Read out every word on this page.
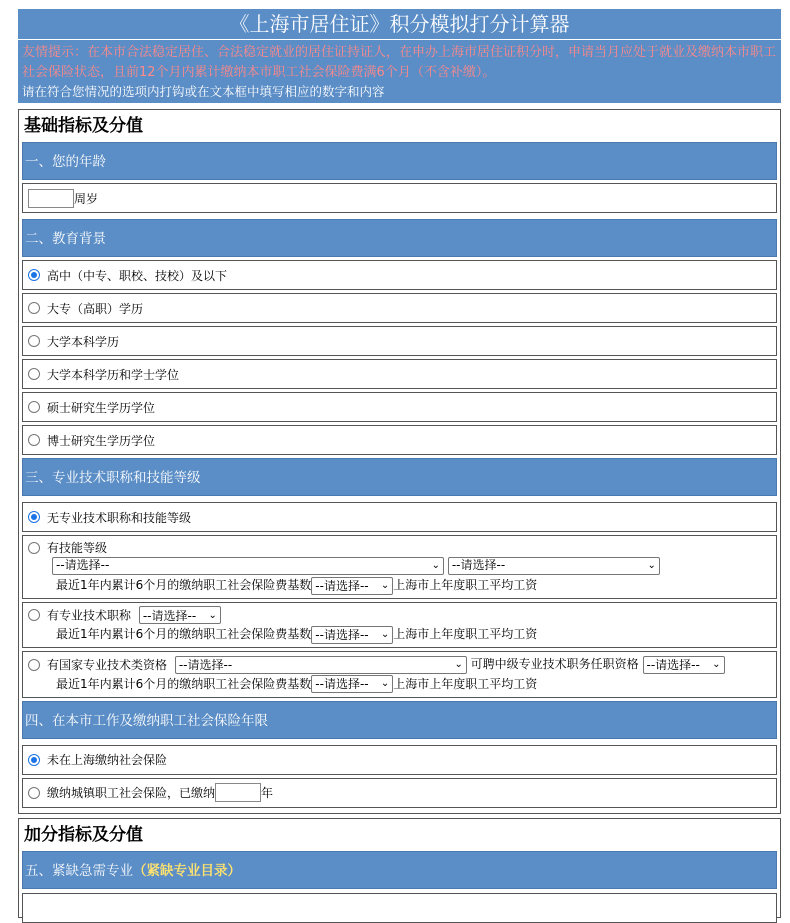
《上海市居住证》积分模拟打分计算器
友情提示：在本市合法稳定居住、合法稳定就业的居住证持证人，在申办上海市居住证积分时，申请当月应处于就业及缴纳本市职工社会保险状态，且前12个月内累计缴纳本市职工社会保险费满6个月（不含补缴）。
请在符合您情况的选项内打钩或在文本框中填写相应的数字和内容
基础指标及分值
一、您的年龄
周岁
二、教育背景
高中（中专、职校、技校）及以下
大专（高职）学历
大学本科学历
大学本科学历和学士学位
硕士研究生学历学位
博士研究生学历学位
三、专业技术职称和技能等级
无专业技术职称和技能等级
有技能等级
--请选择--	⌄
--请选择--	⌄
最近1年内累计6个月的缴纳职工社会保险费基数 --请选择-- ⌄ 上海市上年度职工平均工资
有专业技术职称 --请选择-- ⌄
最近1年内累计6个月的缴纳职工社会保险费基数 --请选择-- ⌄ 上海市上年度职工平均工资
有国家专业技术类资格 --请选择--	⌄ 可聘中级专业技术职务任职资格 --请选择-- ⌄
最近1年内累计6个月的缴纳职工社会保险费基数 --请选择-- ⌄ 上海市上年度职工平均工资
四、在本市工作及缴纳职工社会保险年限
未在上海缴纳社会保险
缴纳城镇职工社会保险，已缴纳	年
加分指标及分值
五、紧缺急需专业（紧缺专业目录）
